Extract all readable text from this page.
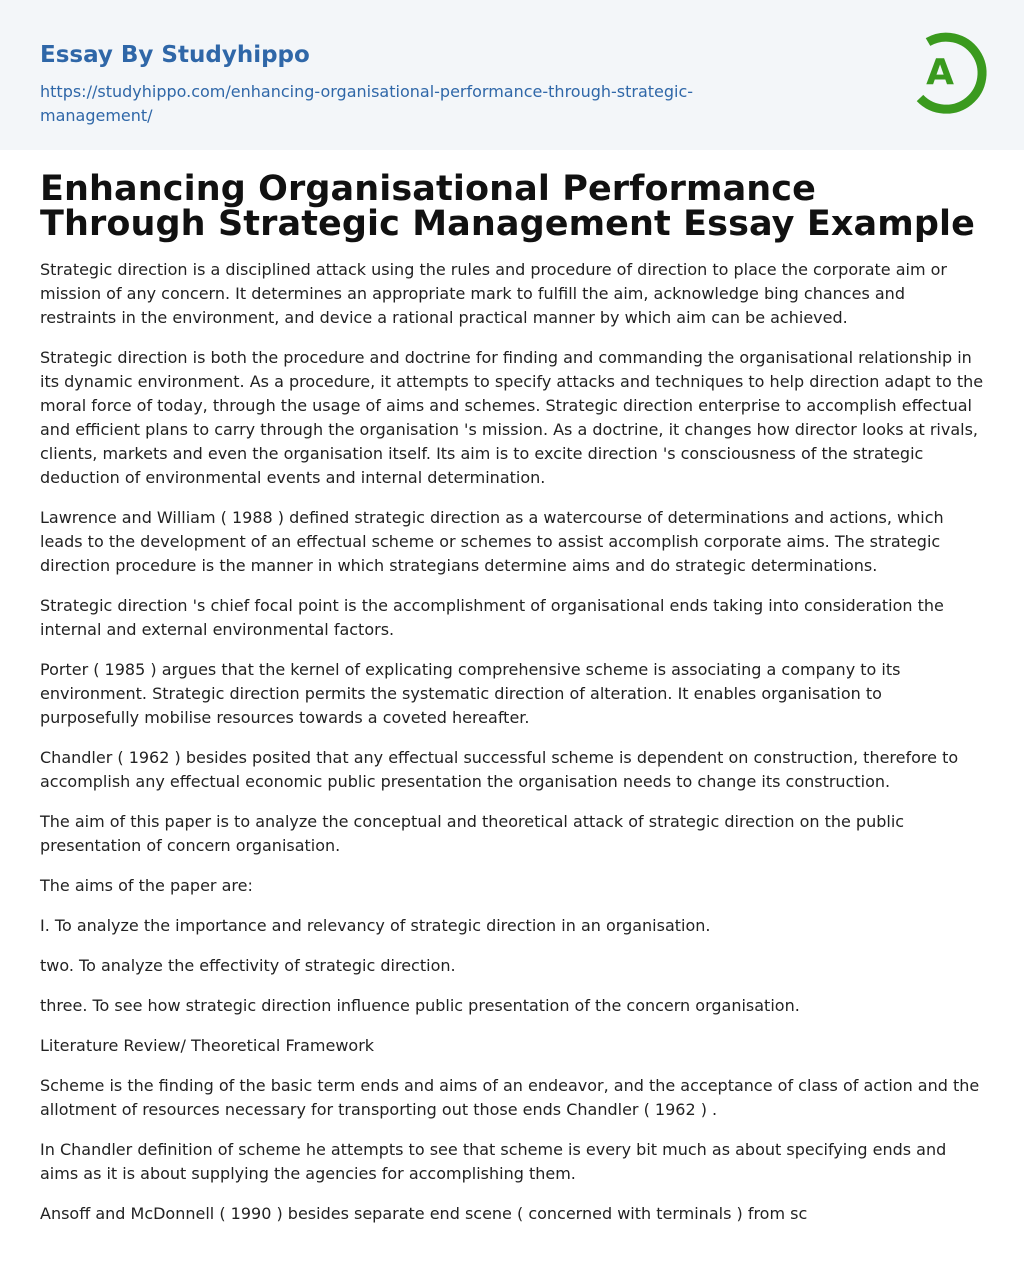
Essay By Studyhippo
https://studyhippo.com/enhancing-organisational-performance-through-strategic-management/
A
Enhancing Organisational Performance Through Strategic Management Essay Example

Strategic direction is a disciplined attack using the rules and procedure of direction to place the corporate aim or mission of any concern. It determines an appropriate mark to fulfill the aim, acknowledge bing chances and restraints in the environment, and device a rational practical manner by which aim can be achieved.

Strategic direction is both the procedure and doctrine for finding and commanding the organisational relationship in its dynamic environment. As a procedure, it attempts to specify attacks and techniques to help direction adapt to the moral force of today, through the usage of aims and schemes. Strategic direction enterprise to accomplish effectual and efficient plans to carry through the organisation 's mission. As a doctrine, it changes how director looks at rivals, clients, markets and even the organisation itself. Its aim is to excite direction 's consciousness of the strategic deduction of environmental events and internal determination.

Lawrence and William ( 1988 ) defined strategic direction as a watercourse of determinations and actions, which leads to the development of an effectual scheme or schemes to assist accomplish corporate aims. The strategic direction procedure is the manner in which strategians determine aims and do strategic determinations.

Strategic direction 's chief focal point is the accomplishment of organisational ends taking into consideration the internal and external environmental factors.

Porter ( 1985 ) argues that the kernel of explicating comprehensive scheme is associating a company to its environment. Strategic direction permits the systematic direction of alteration. It enables organisation to purposefully mobilise resources towards a coveted hereafter.

Chandler ( 1962 ) besides posited that any effectual successful scheme is dependent on construction, therefore to accomplish any effectual economic public presentation the organisation needs to change its construction.

The aim of this paper is to analyze the conceptual and theoretical attack of strategic direction on the public presentation of concern organisation.

The aims of the paper are:

I. To analyze the importance and relevancy of strategic direction in an organisation.

two. To analyze the effectivity of strategic direction.

three. To see how strategic direction influence public presentation of the concern organisation.

Literature Review/ Theoretical Framework

Scheme is the finding of the basic term ends and aims of an endeavor, and the acceptance of class of action and the allotment of resources necessary for transporting out those ends Chandler ( 1962 ) .

In Chandler definition of scheme he attempts to see that scheme is every bit much as about specifying ends and aims as it is about supplying the agencies for accomplishing them.

Ansoff and McDonnell ( 1990 ) besides separate end scene ( concerned with terminals ) from sc
